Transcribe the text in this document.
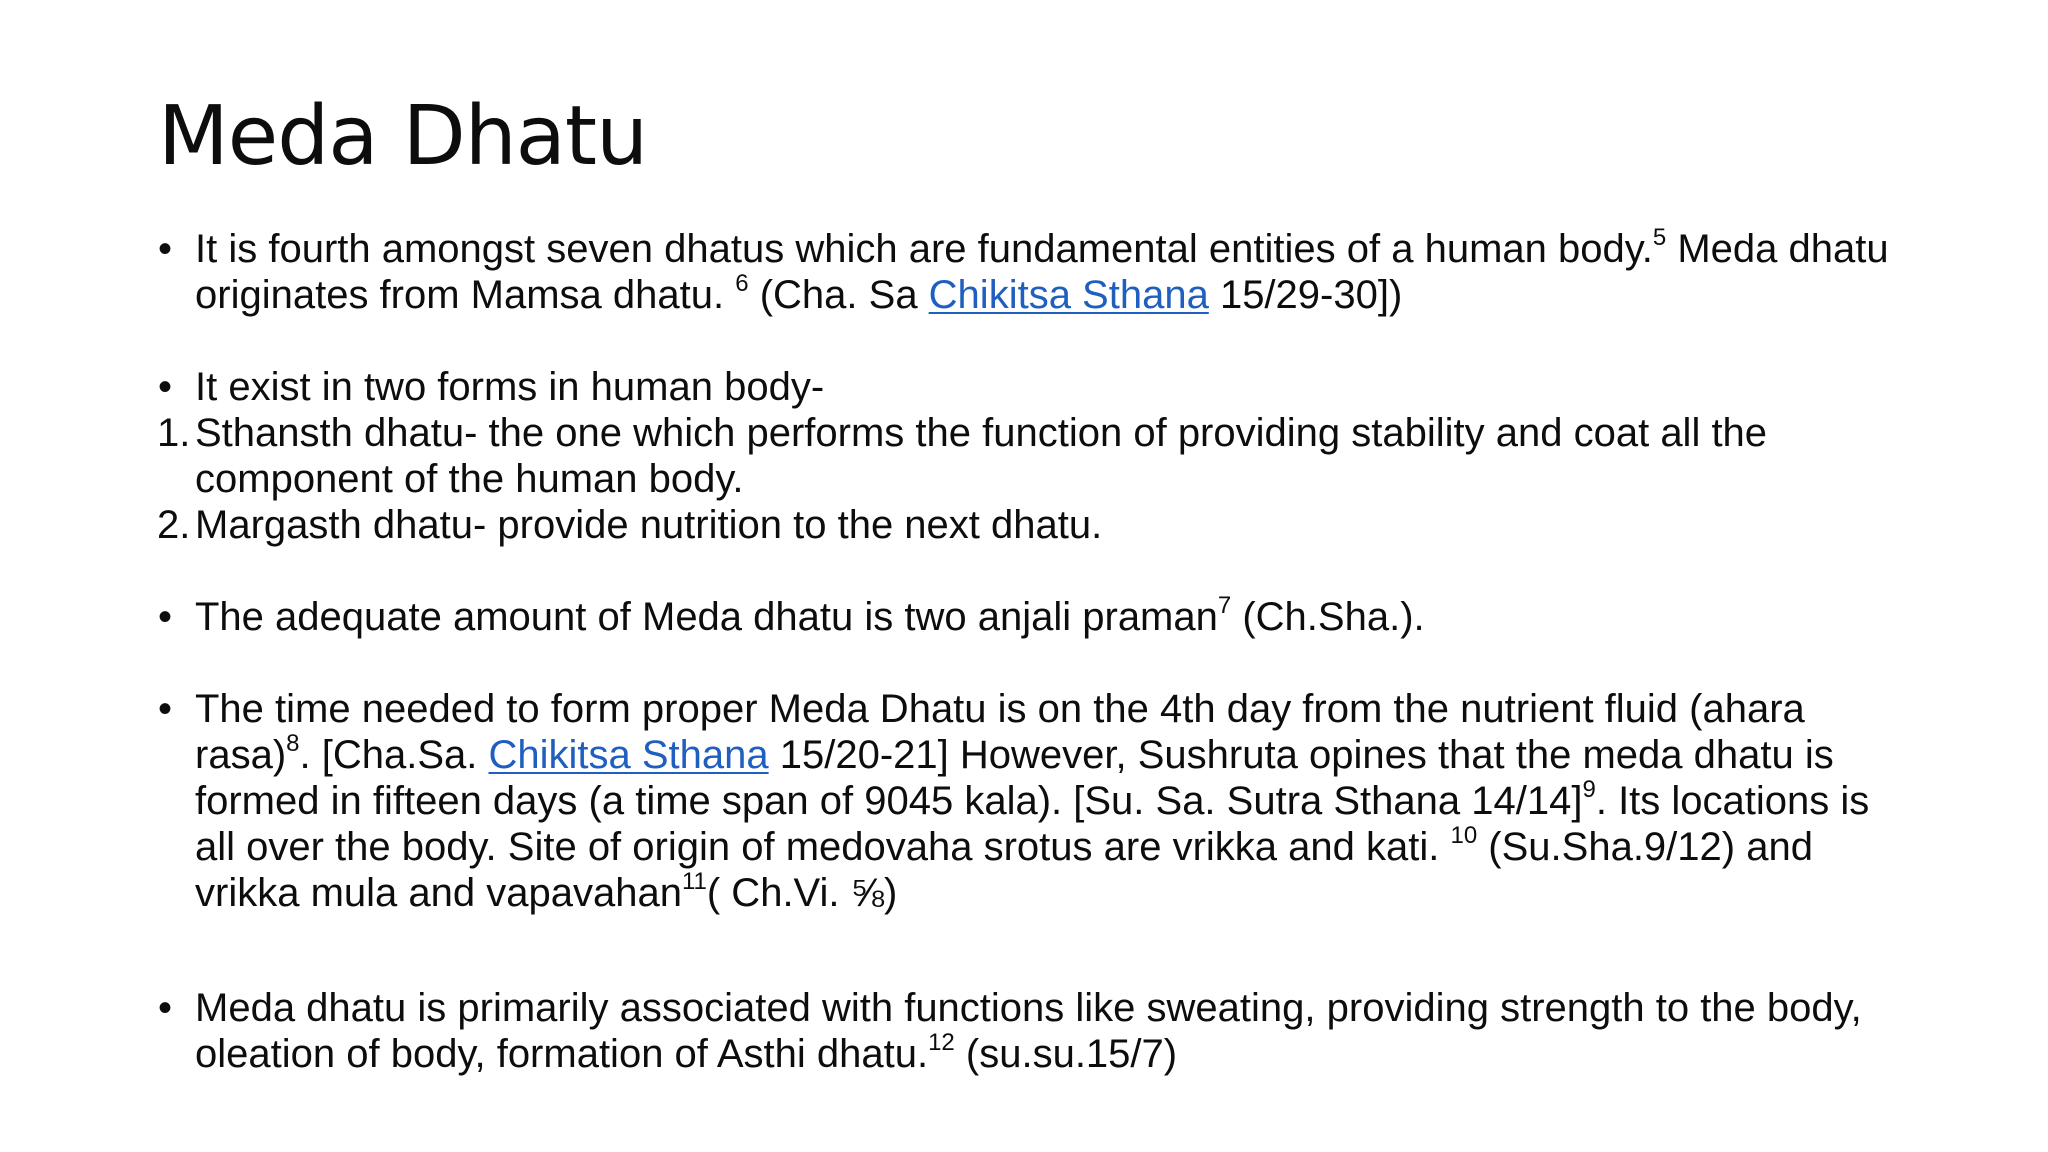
Meda Dhatu
• It is fourth amongst seven dhatus which are fundamental entities of a human body.$^5$ Meda dhatu originates from Mamsa dhatu. $^6$ (Cha. Sa Chikitsa Sthana 15/29-30])
• It exist in two forms in human body-
1. Sthansth dhatu- the one which performs the function of providing stability and coat all the component of the human body.
2. Margasth dhatu- provide nutrition to the next dhatu.
• The adequate amount of Meda dhatu is two anjali praman$^7$ (Ch.Sha.).
• The time needed to form proper Meda Dhatu is on the 4th day from the nutrient fluid (ahara rasa)$^8$. [Cha.Sa. Chikitsa Sthana 15/20-21] However, Sushruta opines that the meda dhatu is formed in fifteen days (a time span of 9045 kala). [Su. Sa. Sutra Sthana 14/14]$^9$. Its locations is all over the body. Site of origin of medovaha srotus are vrikka and kati. $^{10}$ (Su.Sha.9/12) and vrikka mula and vapavahan$^{11}$( Ch.Vi. ⅝)
• Meda dhatu is primarily associated with functions like sweating, providing strength to the body, oleation of body, formation of Asthi dhatu.$^{12}$ (su.su.15/7)
